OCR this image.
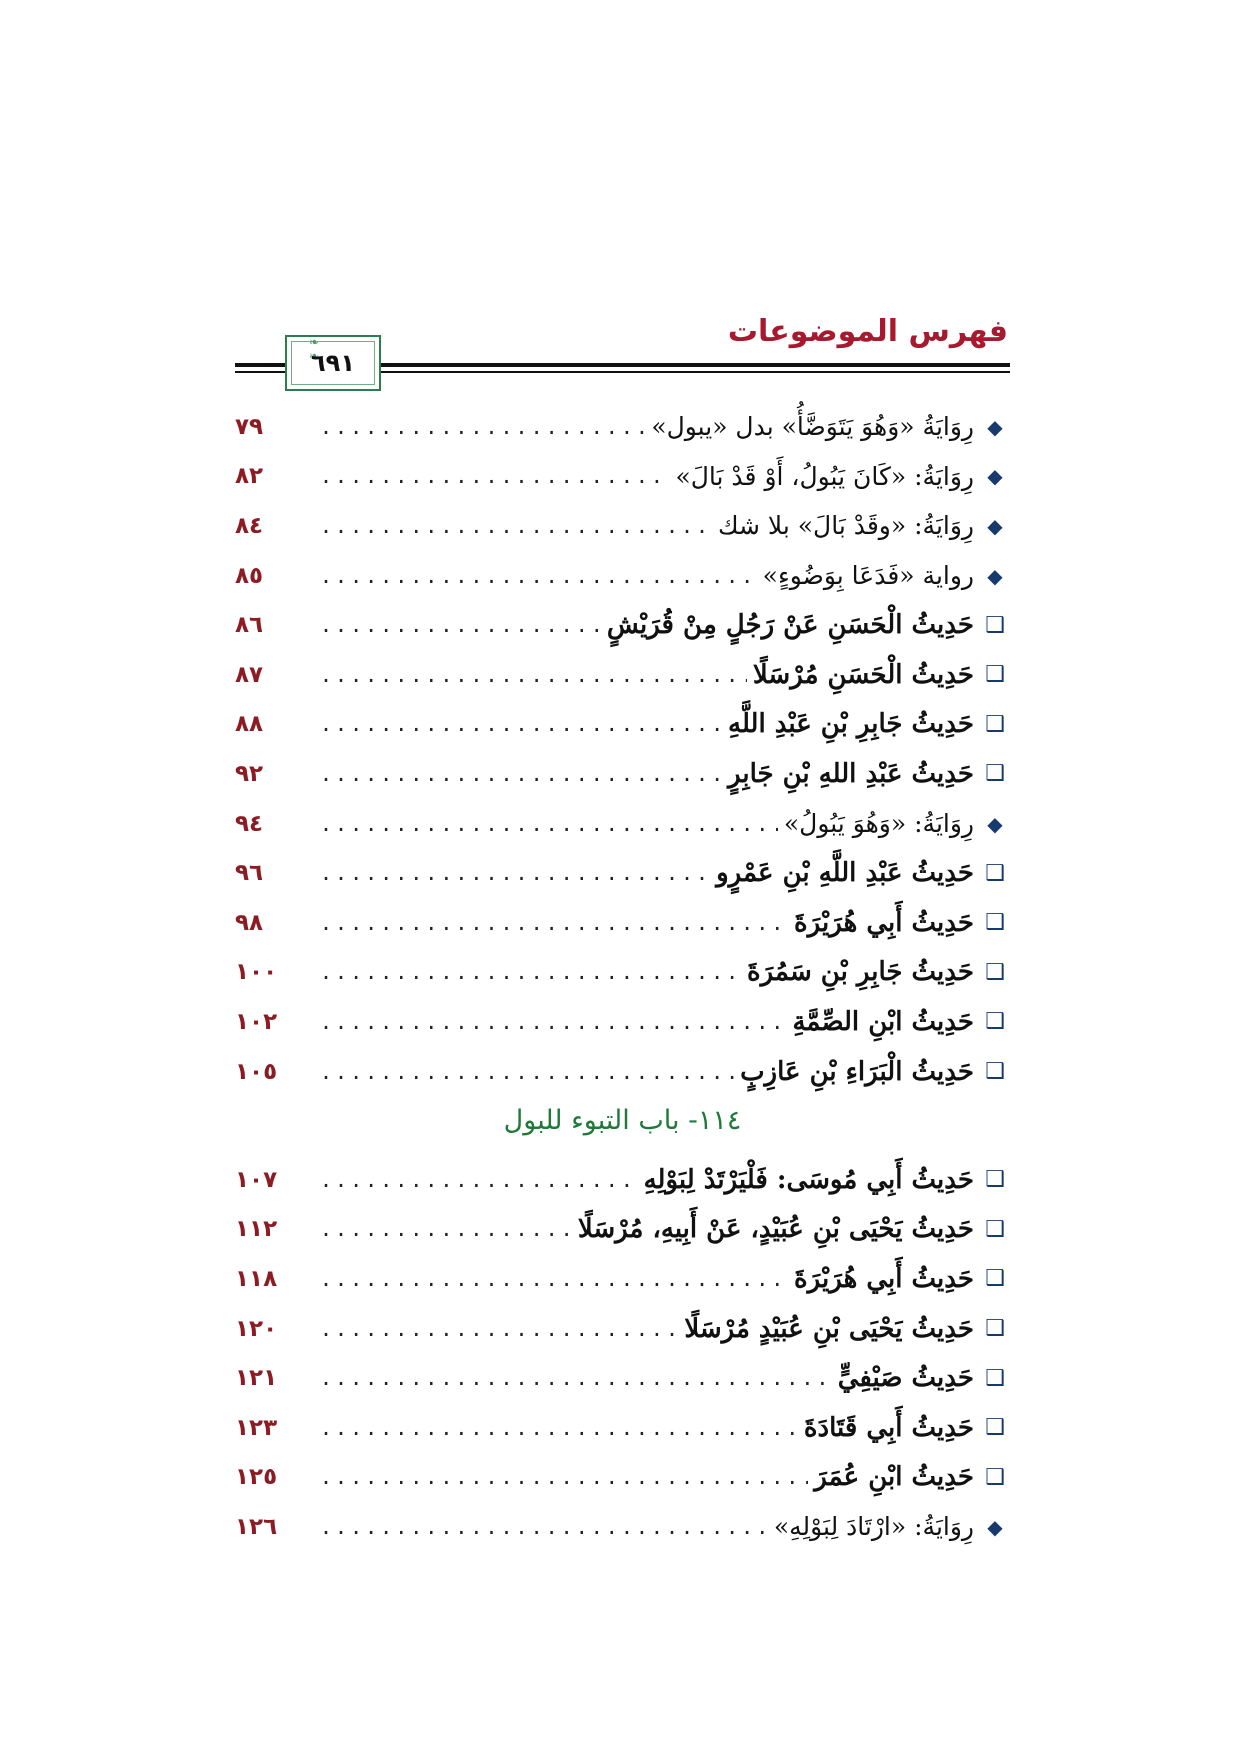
فهرس الموضوعات
٦٩١
❧ ❧
◆
رِوَايَةُ «وَهُوَ يَتَوَضَّأُ» بدل «يبول»
.....
٧٩
◆
رِوَايَةُ: «كَانَ يَبُولُ، أَوْ قَدْ بَالَ»
.....
٨٢
◆
رِوَايَةُ: «وقَدْ بَالَ» بلا شك
.....
٨٤
◆
رواية «فَدَعَا بِوَضُوءٍ»
.....
٨٥
❑
حَدِيثُ الْحَسَنِ عَنْ رَجُلٍ مِنْ قُرَيْشٍ
.....
٨٦
❑
حَدِيثُ الْحَسَنِ مُرْسَلًا
.....
٨٧
❑
حَدِيثُ جَابِرِ بْنِ عَبْدِ اللَّهِ
.....
٨٨
❑
حَدِيثُ عَبْدِ اللهِ بْنِ جَابِرٍ
.....
٩٢
◆
رِوَايَةُ: «وَهُوَ يَبُولُ»
.....
٩٤
❑
حَدِيثُ عَبْدِ اللَّهِ بْنِ عَمْرٍو
.....
٩٦
❑
حَدِيثُ أَبِي هُرَيْرَةَ
.....
٩٨
❑
حَدِيثُ جَابِرِ بْنِ سَمُرَةَ
.....
١٠٠
❑
حَدِيثُ ابْنِ الصِّمَّةِ
.....
١٠٢
❑
حَدِيثُ الْبَرَاءِ بْنِ عَازِبٍ
.....
١٠٥
١١٤- باب التبوء للبول
❑
حَدِيثُ أَبِي مُوسَى: فَلْيَرْتَدْ لِبَوْلِهِ
.....
١٠٧
❑
حَدِيثُ يَحْيَى بْنِ عُبَيْدٍ، عَنْ أَبِيهِ، مُرْسَلًا
.....
١١٢
❑
حَدِيثُ أَبِي هُرَيْرَةَ
.....
١١٨
❑
حَدِيثُ يَحْيَى بْنِ عُبَيْدٍ مُرْسَلًا
.....
١٢٠
❑
حَدِيثُ صَيْفِيٍّ
.....
١٢١
❑
حَدِيثُ أَبِي قَتَادَةَ
.....
١٢٣
❑
حَدِيثُ ابْنِ عُمَرَ
.....
١٢٥
◆
رِوَايَةُ: «ارْتَادَ لِبَوْلِهِ»
.....
١٢٦
